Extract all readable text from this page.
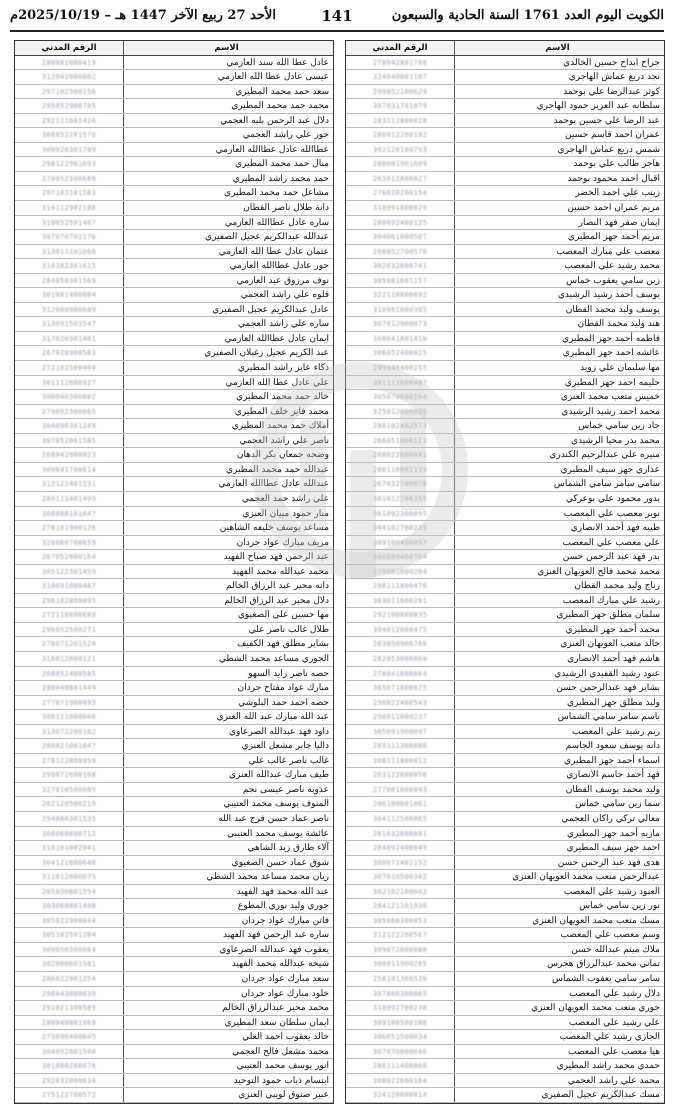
الكويت اليوم العدد 1761 السنة الحادية والسبعون
141
الأحد 27 ربيع الآخر 1447 هـ – 2025/10/19م
الاسم
الرقم المدني
جراح ابداح حسين الخالدي
278042801786
نجد دريع عماش الهاجري
324040801187
كوثر عبدالرضا علي بوحمد
299052100629
سلطانه عبد العزيز حمود الهاجري
307031701079
عبد الرضا علي حسين بوحمد
283112800028
عمران احمد قاسم حسين
286012200182
شمس دريع عماش الهاجري
302120100793
هاجر طالب علي بوحمد
288081901689
اقبال احمد محمود بوحمد
263012800027
زينب علي احمد الخضر
276020200154
مريم عمران احمد حسين
310091000029
ايمان صقر فهد النصار
280092400125
مريم أحمد جهز المطيري
304061000587
معصب علي مبارك المعصب
268052700578
محمد رشيد علي المعصب
302032600741
زين سامي يعقوب خماس
305081601157
يوسف أحمد رشيد الرشيدي
322110800692
يوسف وليد محمد القطان
310061000385
هند وليد محمد القطان
307012900073
فاطمه أحمد جهز المطيري
308041801418
عائشه احمد جهز المطيري
306052400025
مها سليمان علي زويد
299040400255
حليمه احمد جهز المطيري
301111600487
خميس متعب محمد العنزي
305070600164
محمد احمد رشيد الرشيدي
325012800025
جاد زين سامي خماس
288102402573
محمد بدر محيا الرشيدي
266051800123
منيره علي عبدالرحيم الكندري
268022600041
عذاري جهز سيف المطيري
288110801119
سامي سامر سامي الشماس
267032700078
بدور محمود علي بوعركي
301012700355
نوير معصب علي المعصب
301092300095
طيبه فهد أحمد الانصاري
304102700235
علي معصب علي المعصب
309100400057
بدر فهد عبد الرحمن حسن
300080400764
محمد محمد فالح العويهان العنزي
279081000284
رناج وليد محمد القطان
298111800476
رشيد علي مبارك المعصب
303011600281
سلمان مطلق جهز المطيري
292100800835
محمد أحمد جهز المطيري
304012000475
خالد متعب العويهان العنزي
283050900786
هاشم فهد أحمد الانصاري
282053000068
عنود رشيد القفيدي الرشيدي
278041600064
بشاير فهد عبدالرحمن حسن
305071000075
وليد مطلق جهز المطيري
296022400543
باسم سامر سامي الشماس
298011000237
ريم رشيد علي المعصب
305091900097
دانه يوسف سعود الجاسم
289111300086
اسماء أحمد جهز المطيري
308111800012
فهد أحمد جاسم الانصاري
263122600056
وليد محمد يوسف القطان
277081800043
سما زين سامي خماس
286100601861
معالي تركي راكان العجمي
304112500065
مازيه أحمد جهز المطيري
281032600081
احمد جهز سيف المطيري
264092400049
هدى فهد عبد الرحمن حسن
300071401152
عبدالرحمن متعب محمد العويهان العنزي
307010500342
العنود رشيد علي المعصب
302102100042
نور زين سامي خماس
284121101936
مسك متعب محمد العويهان العنزي
305060300053
وسم معصب علي المعصب
312122200567
ملاك ميثم عبدالله حسن
309072800088
تماني محمد عبدالرزاق هجرس
308011900285
سامر سامي يعقوب الشماس
258101300520
دلال رشيد علي المعصب
307060300065
جوري متعب محمد العويهان العنزي
310092700238
علي رشيد علي المعصب
309100500186
الجازي رشيد علي المعصب
306051500034
هيا معصب علي المعصب
307070800046
حمدي محمد راشد المطيري
286111400060
محمد علي راشد العجمي
308022600164
مسك عبدالكريم عجيل الصفيري
324120600014
الاسم
الرقم المدني
عادل عطا الله سند العازمي
280081000419
عيسى عادل عطا الله العازمي
312042000862
سعد حمد محمد المطيري
297102300156
محمد حمد محمد المطيري
295052900705
دلال عبد الرحمن بليه العجمي
292111801426
حور علي راشد العجمي
306052201576
عطاالله عادل عطاالله العازمي
300020301789
منال حمد محمد المطيري
298122901693
حمد محمد راشد المطيري
270052300689
مشاعل حمد محمد المطيري
297103101583
دانة طلال ناصر القطان
314112902186
ساره عادل عطاالله العازمي
310052501467
عبدالله عبدالكريم عجيل الصفيري
307070701176
عثمان عادل عطا الله العازمي
313011101066
حور عادل عطاالله العازمي
310102301615
نوف مرزوق عيد العازمي
284050301569
فلوه علي راشد العجمي
301081400084
عادل عبدالكريم عجيل الصفيري
312060900689
ساره علي راشد العجمي
313091503547
ايمان عادل عطاالله العازمي
317020301481
عبد الكريم عجيل زغيلان الصفيري
267020900583
ذكاء عايز راشد المطيري
272102500404
علي عادل عطا الله العازمي
301112800927
خالد حمد محمد المطيري
300040300882
محمد فايز خلف المطيري
279052300085
أملاك حمد محمد المطيري
304090301249
ناصر علي راشد العجمي
307052001585
وضحه جمعان بكر الدهان
268042000023
عبدالله حمد محمد المطيري
309041700614
عبدالله عادل عطاالله العازمي
313121401131
علي راشد حمد العجمي
280111401499
منار حمود مبيان العنزي
308080101647
مساعد يوسف خليفه الشاهين
278101900126
مريف مبارك عواد جردان
320060700659
عبد الرحمن فهد صباح الفهيد
267052800164
محمد عبدالله محمد الفهيد
305122301459
دانه محير عبد الرزاق الخالم
310091000487
دلال محير عبد الرزاق الخالم
298102800095
مها حسين علي الصغيوي
272110600689
طلال غالب ناصر علي
296052500271
بشاير مطلق فهد الكفيف
278071201524
الجوري مساعد محمد الشطي
318012800121
حصه ناصر زايد السهو
268052400585
مبارك عواد مفتاح جردان
280040801449
حصه احمد حمد البلوشي
277071900093
عبد الله مبارك عبد الله العنزي
308111000046
داود فهد عبدالله الصرعاوي
313072200182
داليا جابر مشعل العنزي
280021001047
غالب ناصر غالب علي
278122800959
طيف مبارك عبدالله العنزي
299072600168
عذوبه ناصر عيسى نجم
327010500085
المنوف يوسف محمد العتيبي
282120500219
ناصر عماد حسن فرج عبد الله
294080301535
عائشة يوسف محمد العتيبي
308060600712
آلاء طارق زيد الشاهي
310101002041
شوق عماد حسن الصغيوي
304121800648
ريان محمد مساعد محمد الشطي
311012800075
عبد الله محمد فهد الفهيد
285030801554
جوري وليد نوري المطوع
303060801498
فاتن مبارك عواد جردان
305022900044
ساره عبد الرحمن فهد الفهيد
305102501284
يعقوب فهد عبدالله الصرعاوي
309050300084
شيخه عبدالله محمد الفهيد
302080601581
سعد مبارك عواد جردان
286022901254
خلود مبارك عواد جردان
298043000839
محمد محير عبدالرزاق الخالم
291021300589
ايمان سلطان سعد المطيري
280040801069
خالد يعقوب احمد العلي
273090400845
محمد مشعل فالح العجمي
304052801544
انور يوسف محمد العتيبي
301080200076
ابتسام ذياب حمود التوحيد
292032000634
عبير صنوق لويبي العنزي
275122700572
